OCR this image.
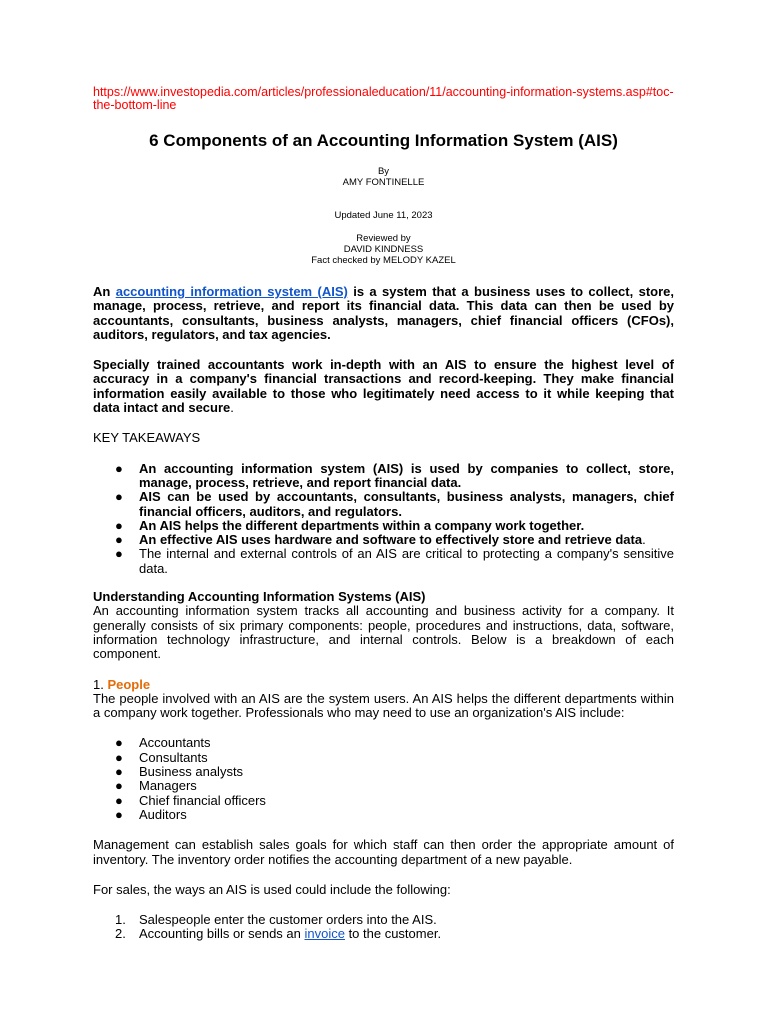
https://www.investopedia.com/articles/professionaleducation/11/accounting-information-systems.asp#toc-the-bottom-line
6 Components of an Accounting Information System (AIS)
By
AMY FONTINELLE
Updated June 11, 2023
Reviewed by
DAVID KINDNESS
Fact checked by MELODY KAZEL

An accounting information system (AIS) is a system that a business uses to collect, store, manage, process, retrieve, and report its financial data. This data can then be used by accountants, consultants, business analysts, managers, chief financial officers (CFOs), auditors, regulators, and tax agencies.

Specially trained accountants work in-depth with an AIS to ensure the highest level of accuracy in a company's financial transactions and record-keeping. They make financial information easily available to those who legitimately need access to it while keeping that data intact and secure.

KEY TAKEAWAYS

● An accounting information system (AIS) is used by companies to collect, store, manage, process, retrieve, and report financial data.
● AIS can be used by accountants, consultants, business analysts, managers, chief financial officers, auditors, and regulators.
● An AIS helps the different departments within a company work together.
● An effective AIS uses hardware and software to effectively store and retrieve data.
● The internal and external controls of an AIS are critical to protecting a company's sensitive data.
Understanding Accounting Information Systems (AIS)

An accounting information system tracks all accounting and business activity for a company. It generally consists of six primary components: people, procedures and instructions, data, software, information technology infrastructure, and internal controls. Below is a breakdown of each component.

1. People

The people involved with an AIS are the system users. An AIS helps the different departments within a company work together. Professionals who may need to use an organization's AIS include:

● Accountants
● Consultants
● Business analysts
● Managers
● Chief financial officers
● Auditors

Management can establish sales goals for which staff can then order the appropriate amount of inventory. The inventory order notifies the accounting department of a new payable.

For sales, the ways an AIS is used could include the following:

1. Salespeople enter the customer orders into the AIS.
2. Accounting bills or sends an invoice to the customer.
